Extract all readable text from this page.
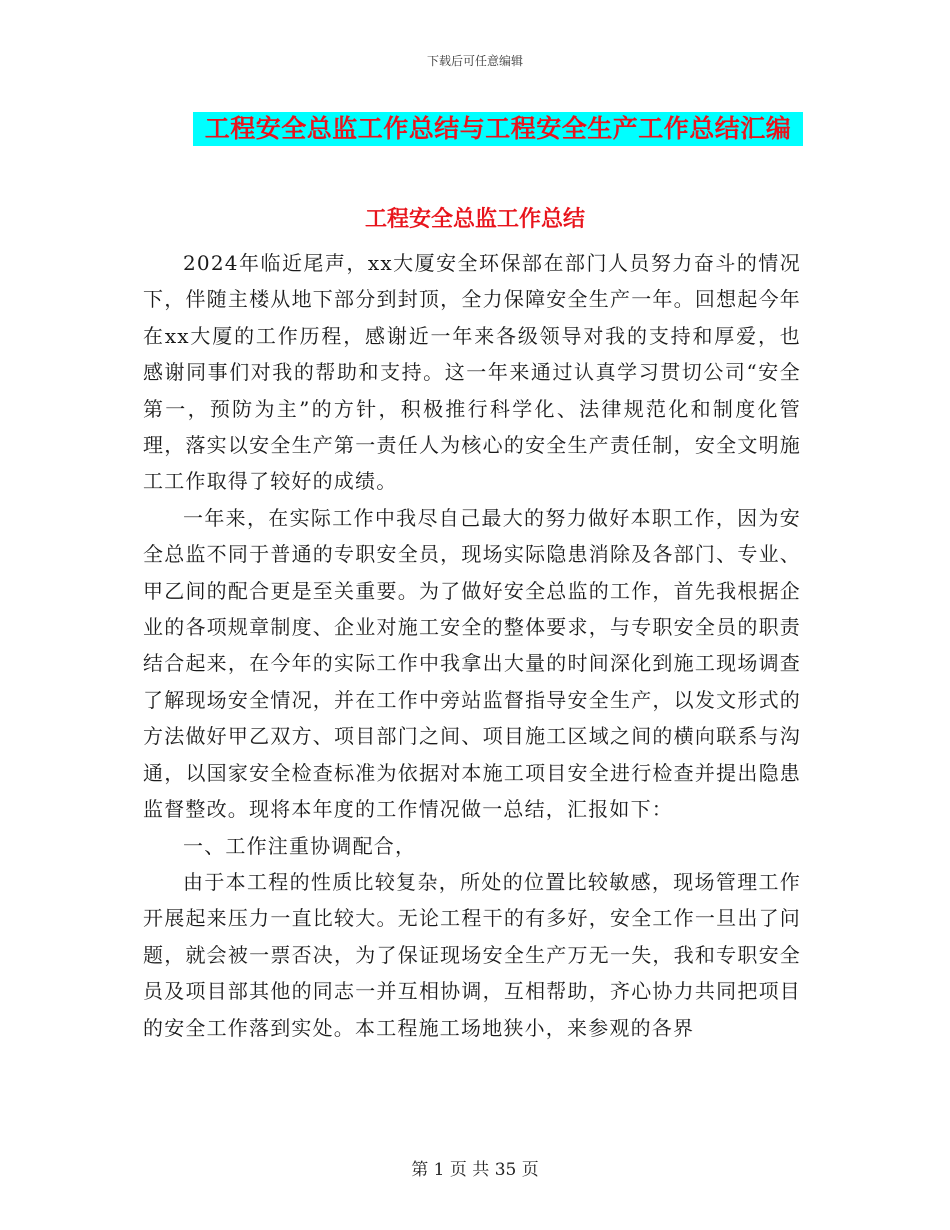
下载后可任意编辑
工程安全总监工作总结与工程安全生产工作总结汇编
工程安全总监工作总结

2024年临近尾声，xx大厦安全环保部在部门人员努力奋斗的情况下，伴随主楼从地下部分到封顶，全力保障安全生产一年。回想起今年在xx大厦的工作历程，感谢近一年来各级领导对我的支持和厚爱，也感谢同事们对我的帮助和支持。这一年来通过认真学习贯切公司“安全第一，预防为主”的方针，积极推行科学化、法律规范化和制度化管理，落实以安全生产第一责任人为核心的安全生产责任制，安全文明施工工作取得了较好的成绩。

一年来，在实际工作中我尽自己最大的努力做好本职工作，因为安全总监不同于普通的专职安全员，现场实际隐患消除及各部门、专业、甲乙间的配合更是至关重要。为了做好安全总监的工作，首先我根据企业的各项规章制度、企业对施工安全的整体要求，与专职安全员的职责结合起来，在今年的实际工作中我拿出大量的时间深化到施工现场调查了解现场安全情况，并在工作中旁站监督指导安全生产，以发文形式的方法做好甲乙双方、项目部门之间、项目施工区域之间的横向联系与沟通，以国家安全检查标准为依据对本施工项目安全进行检查并提出隐患监督整改。现将本年度的工作情况做一总结，汇报如下：

一、工作注重协调配合，

由于本工程的性质比较复杂，所处的位置比较敏感，现场管理工作开展起来压力一直比较大。无论工程干的有多好，安全工作一旦出了问题，就会被一票否决，为了保证现场安全生产万无一失，我和专职安全员及项目部其他的同志一并互相协调，互相帮助，齐心协力共同把项目的安全工作落到实处。本工程施工场地狭小，来参观的各界

第 1 页 共 35 页
